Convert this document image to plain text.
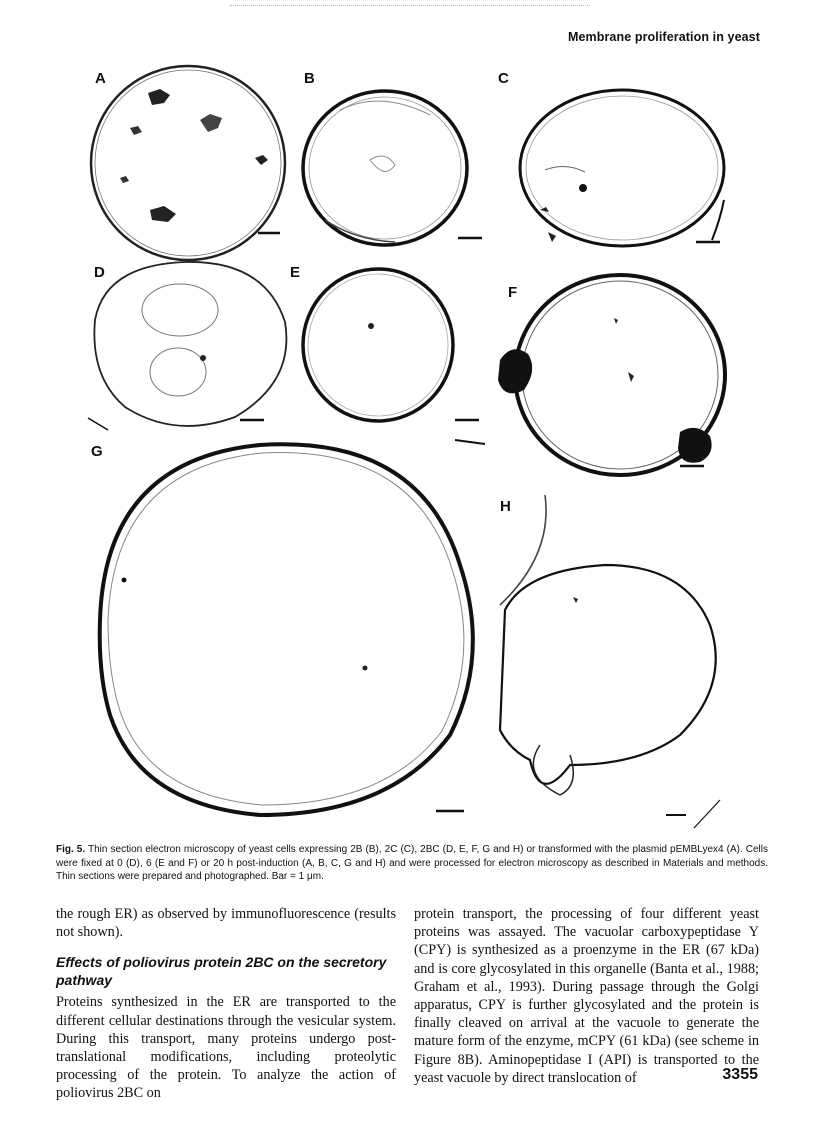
Membrane proliferation in yeast
A	B	C
D	E
F
G
H
Fig. 5. Thin section electron microscopy of yeast cells expressing 2B (B), 2C (C), 2BC (D, E, F, G and H) or transformed with the plasmid pEMBLyex4 (A). Cells were fixed at 0 (D), 6 (E and F) or 20 h post-induction (A, B, C, G and H) and were processed for electron microscopy as described in Materials and methods. Thin sections were prepared and photographed. Bar = 1 μm.

the rough ER) as observed by immunofluorescence (results not shown).

Effects of poliovirus protein 2BC on the secretory pathway

Proteins synthesized in the ER are transported to the different cellular destinations through the vesicular system. During this transport, many proteins undergo post-translational modifications, including proteolytic processing of the protein. To analyze the action of poliovirus 2BC on

protein transport, the processing of four different yeast proteins was assayed. The vacuolar carboxypeptidase Y (CPY) is synthesized as a proenzyme in the ER (67 kDa) and is core glycosylated in this organelle (Banta et al., 1988; Graham et al., 1993). During passage through the Golgi apparatus, CPY is further glycosylated and the protein is finally cleaved on arrival at the vacuole to generate the mature form of the enzyme, mCPY (61 kDa) (see scheme in Figure 8B). Aminopeptidase I (API) is transported to the yeast vacuole by direct translocation of	3355
